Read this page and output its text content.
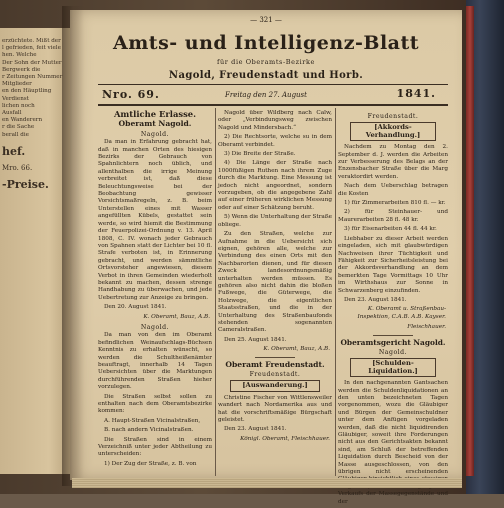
erzüchtete. Mißt der
l gefrieden, feit viele
hen. Welche
Der Sohn der Mutter
Bergwerk die
r Zeitungen Nummer
Mitglieder
en den Häuptling
Verdienst
lichen noch
Ausfall
en Wanderern
r die Sache
berall die
hef.
Mro. 66.
-Preise.
— 321 —
Amts- und Intelligenz-Blatt
für die Oberamts-Bezirke
Nagold, Freudenstadt und Horb.
Nro. 69.	Freitag den 27. August	1841.
Amtliche Erlasse.
Oberamt Nagold.
Nagold.
Da man in Erfahrung gebracht hat, daß in manchen Orten des hiesigen Bezirks der Gebrauch von Spahnlichtern noch üblich, und allenthalben die irrige Meinung verbreitet ist, daß diese Beleuchtungsweise bei der Beobachtung gewisser Vorsichtsmaßregeln, z. B. beim Unterstellen eines mit Wasser angefüllten Kübels, gestattet sein werde, so wird hiemit die Bestimmung der Feuerpolizei-Ordnung v. 13. April 1808, C. IV. wonach jeder Gebrauch von Spahnen statt der Lichter bei 10 fl. Strafe verboten ist, in Erinnerung gebracht, und werden sämmtliche Ortsvorsteher angewiesen, diesem Verbot in ihren Gemeinden wiederholt bekannt zu machen, dessen strenge Handhabung zu überwachen, und jede Uebertretung zur Anzeige zu bringen.
Den 20. August 1841.
K. Oberamt, Bauz, A.B.
Nagold.
Da man von den im Oberamt befindlichen Weinaufschlags-Büchsen Kenntnis zu erhalten wünscht, so werden die Schultheißenämter beauftragt, innerhalb 14 Tagen Uebersichten über die Marktungen durchführenden Straßen hieher vorzulegen.
Die Straßen selbst sollen zu enthalten nach dem Oberamtsbezirke kommen:
A. Haupt-Straßen Vicinalstraßen,
B. nach andern Vicinalstraßen.
Die Straßen sind in einem Verzeichniß unter jeder Abtheilung zu unterscheiden:
1) Der Zug der Straße, z. B. von
Nagold über Wildberg nach Calw, oder „Verbindungsweg zwischen Nagold und Mindersbach.“
2) Die Rechtsorte, welche su in dem Oberamt verbindet.
3) Die Breite der Straße.
4) Die Länge der Straße nach 1000füßigen Ruthen nach ihrem Zuge durch die Marktung. Eine Messung ist jedoch nicht angeordnet, sondern vorzugeben, ob die angegebene Zahl auf einer früheren wirklichen Messung oder auf einer Schätzung beruht.
5) Wenn die Unterhaltung der Straße obliege.
Zu den Straßen, welche zur Aufnahme in die Uebersicht sich eignen, gehören alle, welche zur Verbindung des einen Orts mit den Nachbarorten dienen, und für diesen Zweck landesordnungsmäßig unterhalten werden müssen. Es gehören also nicht dahin die bloßen Fußwege, die Güterwege, die Holzwege, die eigentlichen Staatsstraßen, und die in der Unterhaltung des Straßenbaufonds stehenden sogenannten Cameralstraßen.
Den 25. August 1841.
K. Oberamt, Bauz, A.B.
Oberamt Freudenstadt.
Freudenstadt.
[Auswanderung.]
Christine Fischer von Wittlensweiler wandert nach Nordamerika aus und hat die vorschriftsmäßige Bürgschaft geleistet.
Den 23. August 1841.
Königl. Oberamt, Fleischhauer.
Freudenstadt.
[Akkords-Verhandlung.]
Nachdem zu Montag den 2. September d. J. werden die Arbeiten zur Verbesserung des Belags an der Enzensbacher Straße über die Marg veraktordirt werden.
Nach dem Ueberschlag betragen die Kosten
1) für Zimmerarbeiten 810 fl. — kr.
2) für Steinhauer- und Maurerarbeiten 28 fl. 48 kr.
3) für Eisenarbeiten 44 fl. 44 kr.
Liebhaber zu dieser Arbeit werden eingeladen, sich mit glaubwürdigen Nachweisen ihrer Tüchtigkeit und Fähigkeit zur Sicherheitsleistung bei der Akkordsverhandlung an dem bemerkten Tage Vormittags 10 Uhr im Wirthshaus zur Sonne in Schwarzenberg einzufinden.
Den 23. August 1841.
K. Oberamt u. Straßenbau-Inspektion, C.A.B. A.B. Kayser.
Fleischhauer.
Oberamtsgericht Nagold.
Nagold.
[Schulden-Liquidation.]
In den nachgenannten Gantsachen werden die Schuldenliquidationen an den unten bezeichneten Tagen vorgenommen, wozu die Gläubiger und Bürgen der Gemeinschuldner unter dem Anfügen vorgeladen werden, daß die nicht liquidirenden Gläubiger, soweit ihre Forderungen nicht aus den Gerichtsakten bekannt sind, am Schluß der betreffenden Liquidation durch Bescheid von der Masse ausgeschlossen, von den übrigen nicht erscheinenden Verkaufs der Massegegenstände und der
